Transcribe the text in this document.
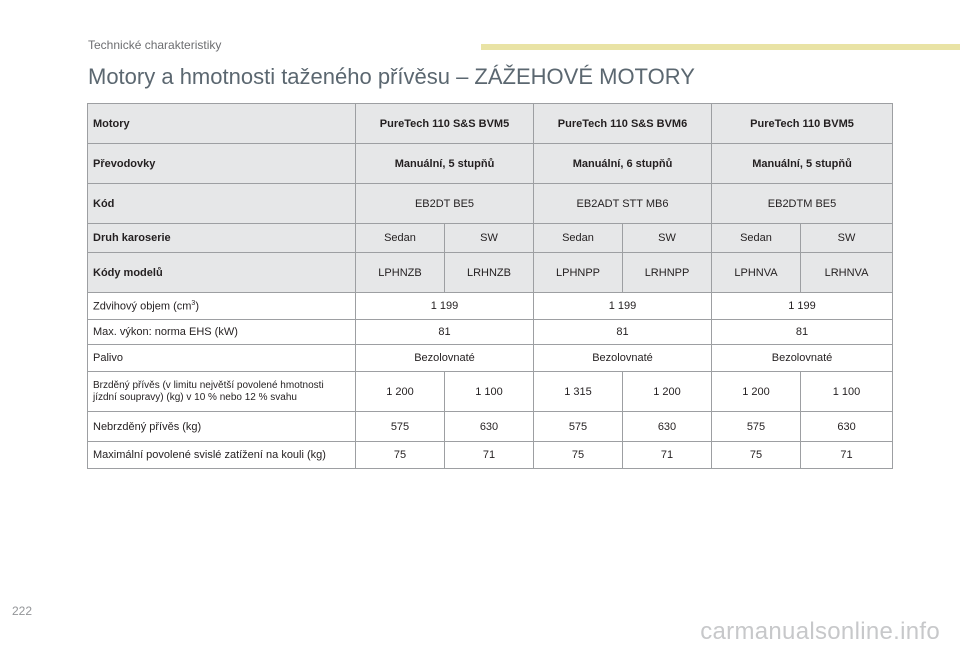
Technické charakteristiky
Motory a hmotnosti taženého přívěsu – ZÁŽEHOVÉ MOTORY
Motory	PureTech 110 S&S BVM5		PureTech 110 S&S BVM6		PureTech 110 BVM5	
Převodovky	Manuální, 5 stupňů		Manuální, 6 stupňů		Manuální, 5 stupňů	
Kód	EB2DT BE5		EB2ADT STT MB6		EB2DTM BE5	
Druh karoserie	Sedan	SW	Sedan	SW	Sedan	SW
Kódy modelů	LPHNZB	LRHNZB	LPHNPP	LRHNPP	LPHNVA	LRHNVA
Zdvihový objem $(cm^3)$	1 199		1 199		1 199	
Max. výkon: norma EHS (kW)	81		81		81	
Palivo	Bezolovnaté		Bezolovnaté		Bezolovnaté	
Brzděný přívěs (v limitu největší povolené hmotnosti jízdní soupravy) (kg) v 10 % nebo 12 % svahu	1 200	1 100	1 315	1 200	1 200	1 100
Nebrzděný přívěs (kg)	575	630	575	630	575	630
Maximální povolené svislé zatížení na kouli (kg)	75	71	75	71	75	71
222
carmanualsonline.info
